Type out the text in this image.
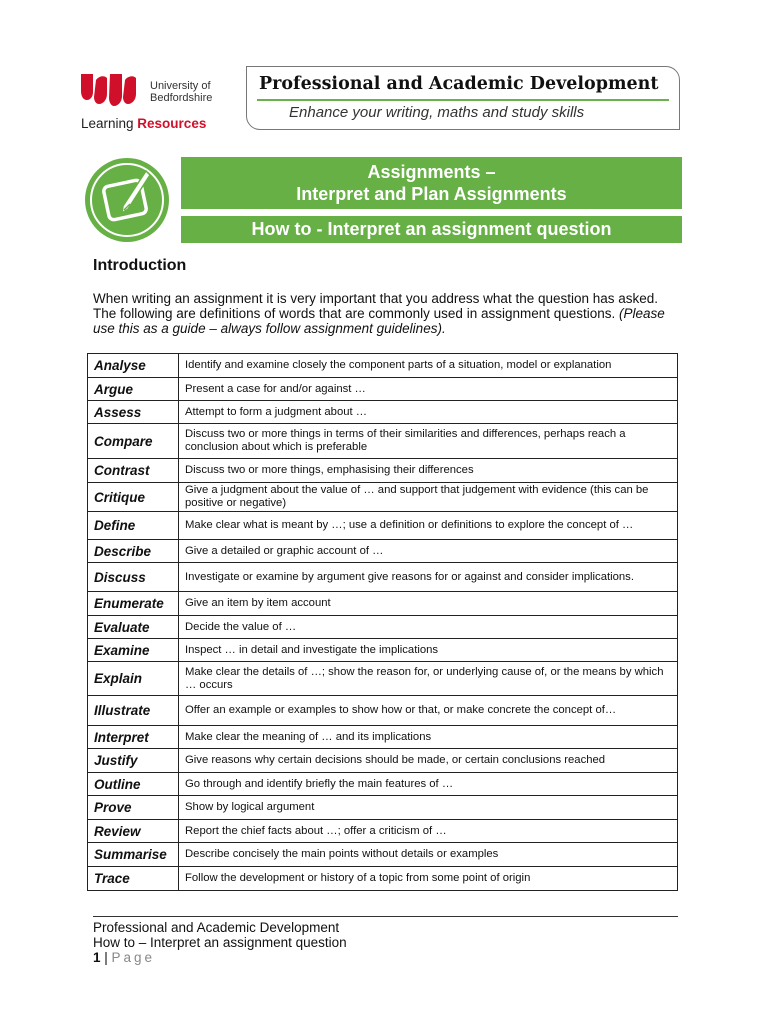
University of
Bedfordshire
Learning Resources
Professional and Academic Development
Enhance your writing, maths and study skills
Assignments –
Interpret and Plan Assignments
How to - Interpret an assignment question
Introduction
When writing an assignment it is very important that you address what the question has asked. The following are definitions of words that are commonly used in assignment questions. (Please use this as a guide – always follow assignment guidelines).
Analyse	Identify and examine closely the component parts of a situation, model or explanation
Argue	Present a case for and/or against …
Assess	Attempt to form a judgment about …
Compare	Discuss two or more things in terms of their similarities and differences, perhaps reach a conclusion about which is preferable
Contrast	Discuss two or more things, emphasising their differences
Critique	Give a judgment about the value of … and support that judgement with evidence (this can be positive or negative)
Define	Make clear what is meant by …; use a definition or definitions to explore the concept of …
Describe	Give a detailed or graphic account of …
Discuss	Investigate or examine by argument give reasons for or against and consider implications.
Enumerate	Give an item by item account
Evaluate	Decide the value of …
Examine	Inspect … in detail and investigate the implications
Explain	Make clear the details of …; show the reason for, or underlying cause of, or the means by which … occurs
Illustrate	Offer an example or examples to show how or that, or make concrete the concept of…
Interpret	Make clear the meaning of … and its implications
Justify	Give reasons why certain decisions should be made, or certain conclusions reached
Outline	Go through and identify briefly the main features of …
Prove	Show by logical argument
Review	Report the chief facts about …; offer a criticism of …
Summarise	Describe concisely the main points without details or examples
Trace	Follow the development or history of a topic from some point of origin
Professional and Academic Development
How to – Interpret an assignment question
1 | Page
